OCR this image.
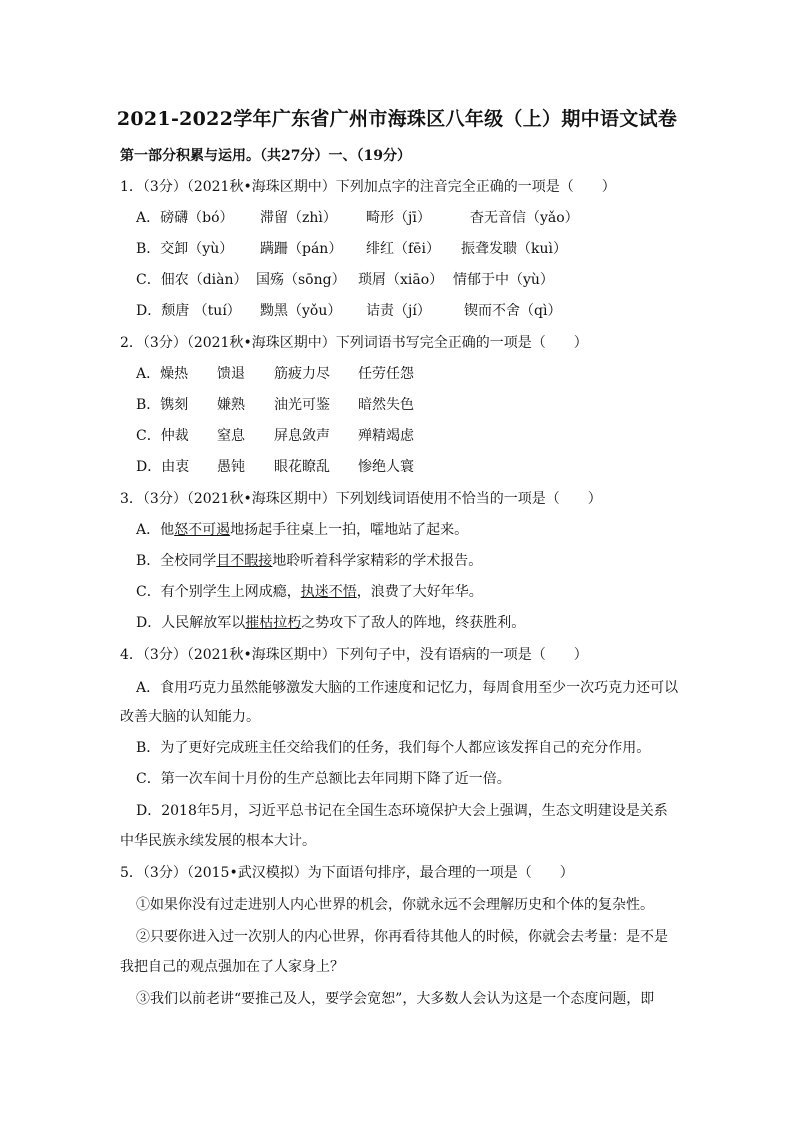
2021-2022学年广东省广州市海珠区八年级（上）期中语文试卷
第一部分积累与运用。（共27分）一、（19分）
1．（3分）（2021秋•海珠区期中）下列加点字的注音完全正确的一项是（　　）
A．磅礴（bó） 滞留（zhì） 畸形（jī）	杳无音信（yǎo）
B．交卸（yù） 蹒跚（pán） 绯红（fēi） 振聋发聩（kuì）
C．佃农（diàn） 国殇（sōng） 琐屑（xiāo） 情郁于中（yù）
D．颓唐 （tuí） 黝黑（yǒu） 诘责（jí） 锲而不舍（qì）
2．（3分）（2021秋•海珠区期中）下列词语书写完全正确的一项是（　　）
A．燥热 馈退 筋疲力尽 任劳任怨
B．镌刻 嫌熟 油光可鉴 暗然失色
C．仲裁 窒息 屏息敛声 殚精竭虑
D．由衷 愚钝 眼花瞭乱 惨绝人寰
3．（3分）（2021秋•海珠区期中）下列划线词语使用不恰当的一项是（　　）
A．他怒不可遏地扬起手往桌上一拍，嚯地站了起来。
B．全校同学目不暇接地聆听着科学家精彩的学术报告。
C．有个别学生上网成瘾，执迷不悟，浪费了大好年华。
D．人民解放军以摧枯拉朽之势攻下了敌人的阵地，终获胜利。
4．（3分）（2021秋•海珠区期中）下列句子中，没有语病的一项是（　　）
A．食用巧克力虽然能够激发大脑的工作速度和记忆力，每周食用至少一次巧克力还可以
改善大脑的认知能力。
B．为了更好完成班主任交给我们的任务，我们每个人都应该发挥自己的充分作用。
C．第一次车间十月份的生产总额比去年同期下降了近一倍。
D．2018年5月，习近平总书记在全国生态环境保护大会上强调，生态文明建设是关系
中华民族永续发展的根本大计。
5．（3分）（2015•武汉模拟）为下面语句排序，最合理的一项是（　　）
①如果你没有过走进别人内心世界的机会，你就永远不会理解历史和个体的复杂性。
②只要你进入过一次别人的内心世界，你再看待其他人的时候，你就会去考量：是不是
我把自己的观点强加在了人家身上？
③我们以前老讲“要推己及人，要学会宽恕”，大多数人会认为这是一个态度问题，即
